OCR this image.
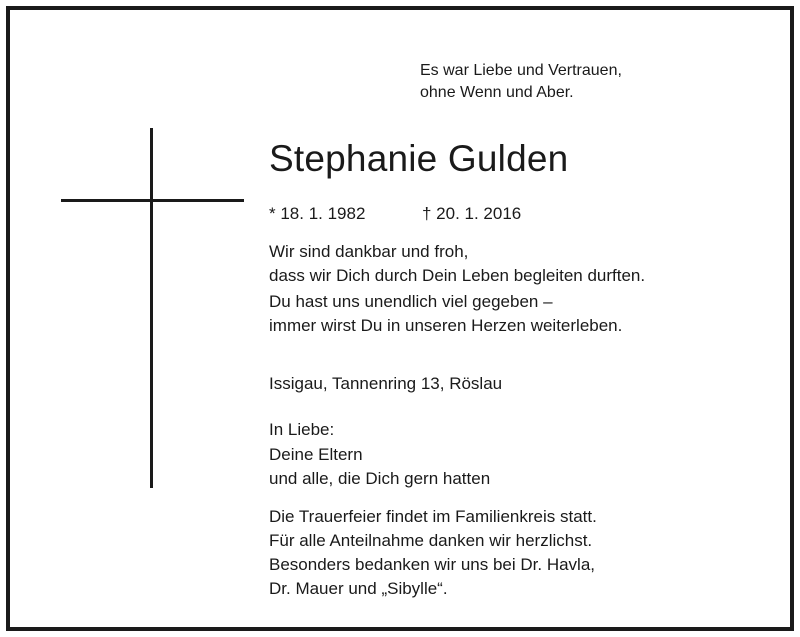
Es war Liebe und Vertrauen,
ohne Wenn und Aber.
Stephanie Gulden
* 18. 1. 1982	† 20. 1. 2016
Wir sind dankbar und froh,
dass wir Dich durch Dein Leben begleiten durften.
Du hast uns unendlich viel gegeben –
immer wirst Du in unseren Herzen weiterleben.
Issigau, Tannenring 13, Röslau
In Liebe:
Deine Eltern
und alle, die Dich gern hatten
Die Trauerfeier findet im Familienkreis statt.
Für alle Anteilnahme danken wir herzlichst.
Besonders bedanken wir uns bei Dr. Havla,
Dr. Mauer und „Sibylle“.
